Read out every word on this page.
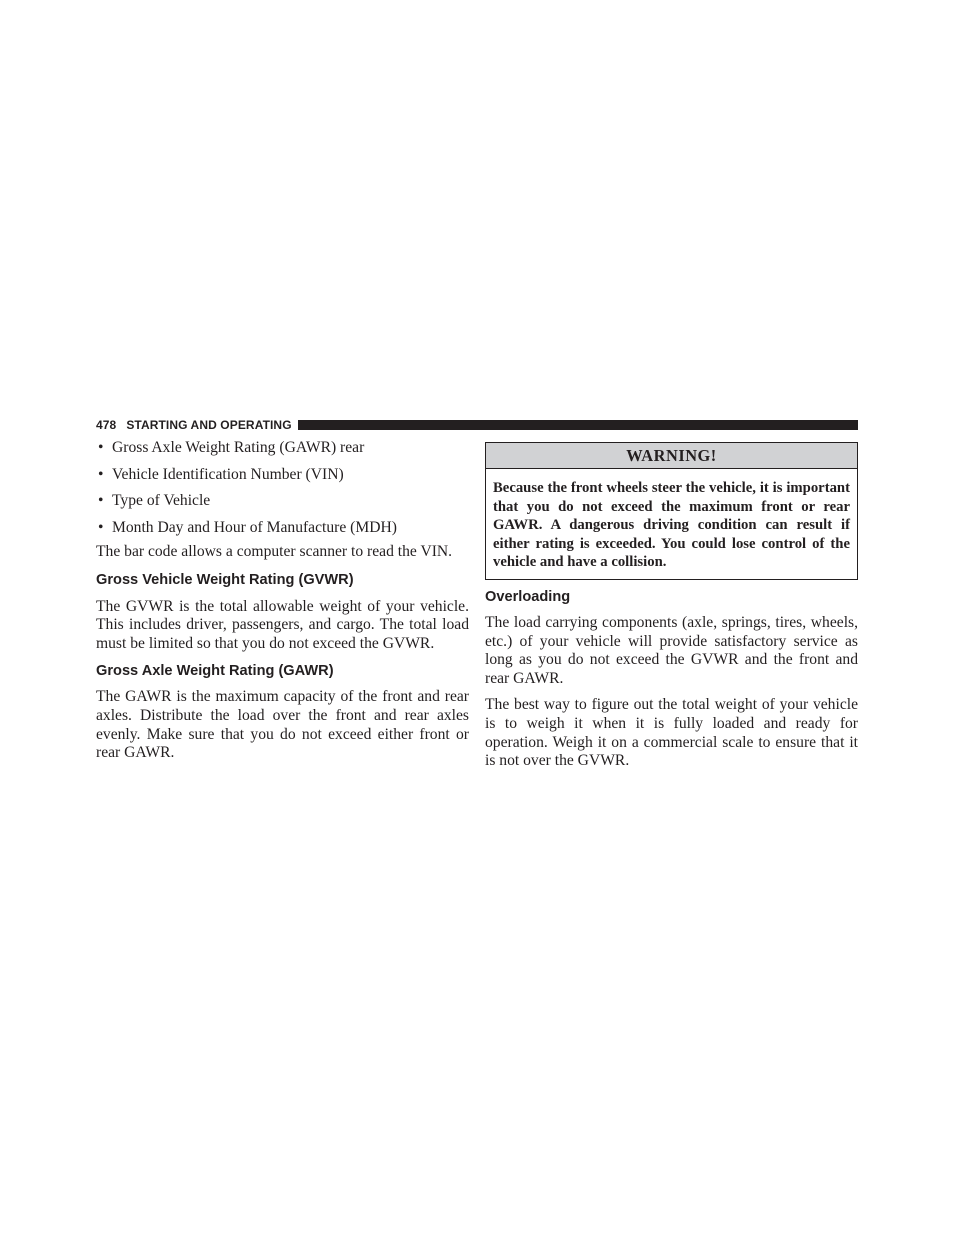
478 STARTING AND OPERATING
• Gross Axle Weight Rating (GAWR) rear
• Vehicle Identification Number (VIN)
• Type of Vehicle
• Month Day and Hour of Manufacture (MDH)

The bar code allows a computer scanner to read the VIN.

Gross Vehicle Weight Rating (GVWR)

The GVWR is the total allowable weight of your vehicle. This includes driver, passengers, and cargo. The total load must be limited so that you do not exceed the GVWR.

Gross Axle Weight Rating (GAWR)

The GAWR is the maximum capacity of the front and rear axles. Distribute the load over the front and rear axles evenly. Make sure that you do not exceed either front or rear GAWR.

WARNING!
Because the front wheels steer the vehicle, it is important that you do not exceed the maximum front or rear GAWR. A dangerous driving condition can result if either rating is exceeded. You could lose control of the vehicle and have a collision.
Overloading

The load carrying components (axle, springs, tires, wheels, etc.) of your vehicle will provide satisfactory service as long as you do not exceed the GVWR and the front and rear GAWR.

The best way to figure out the total weight of your vehicle is to weigh it when it is fully loaded and ready for operation. Weigh it on a commercial scale to ensure that it is not over the GVWR.
